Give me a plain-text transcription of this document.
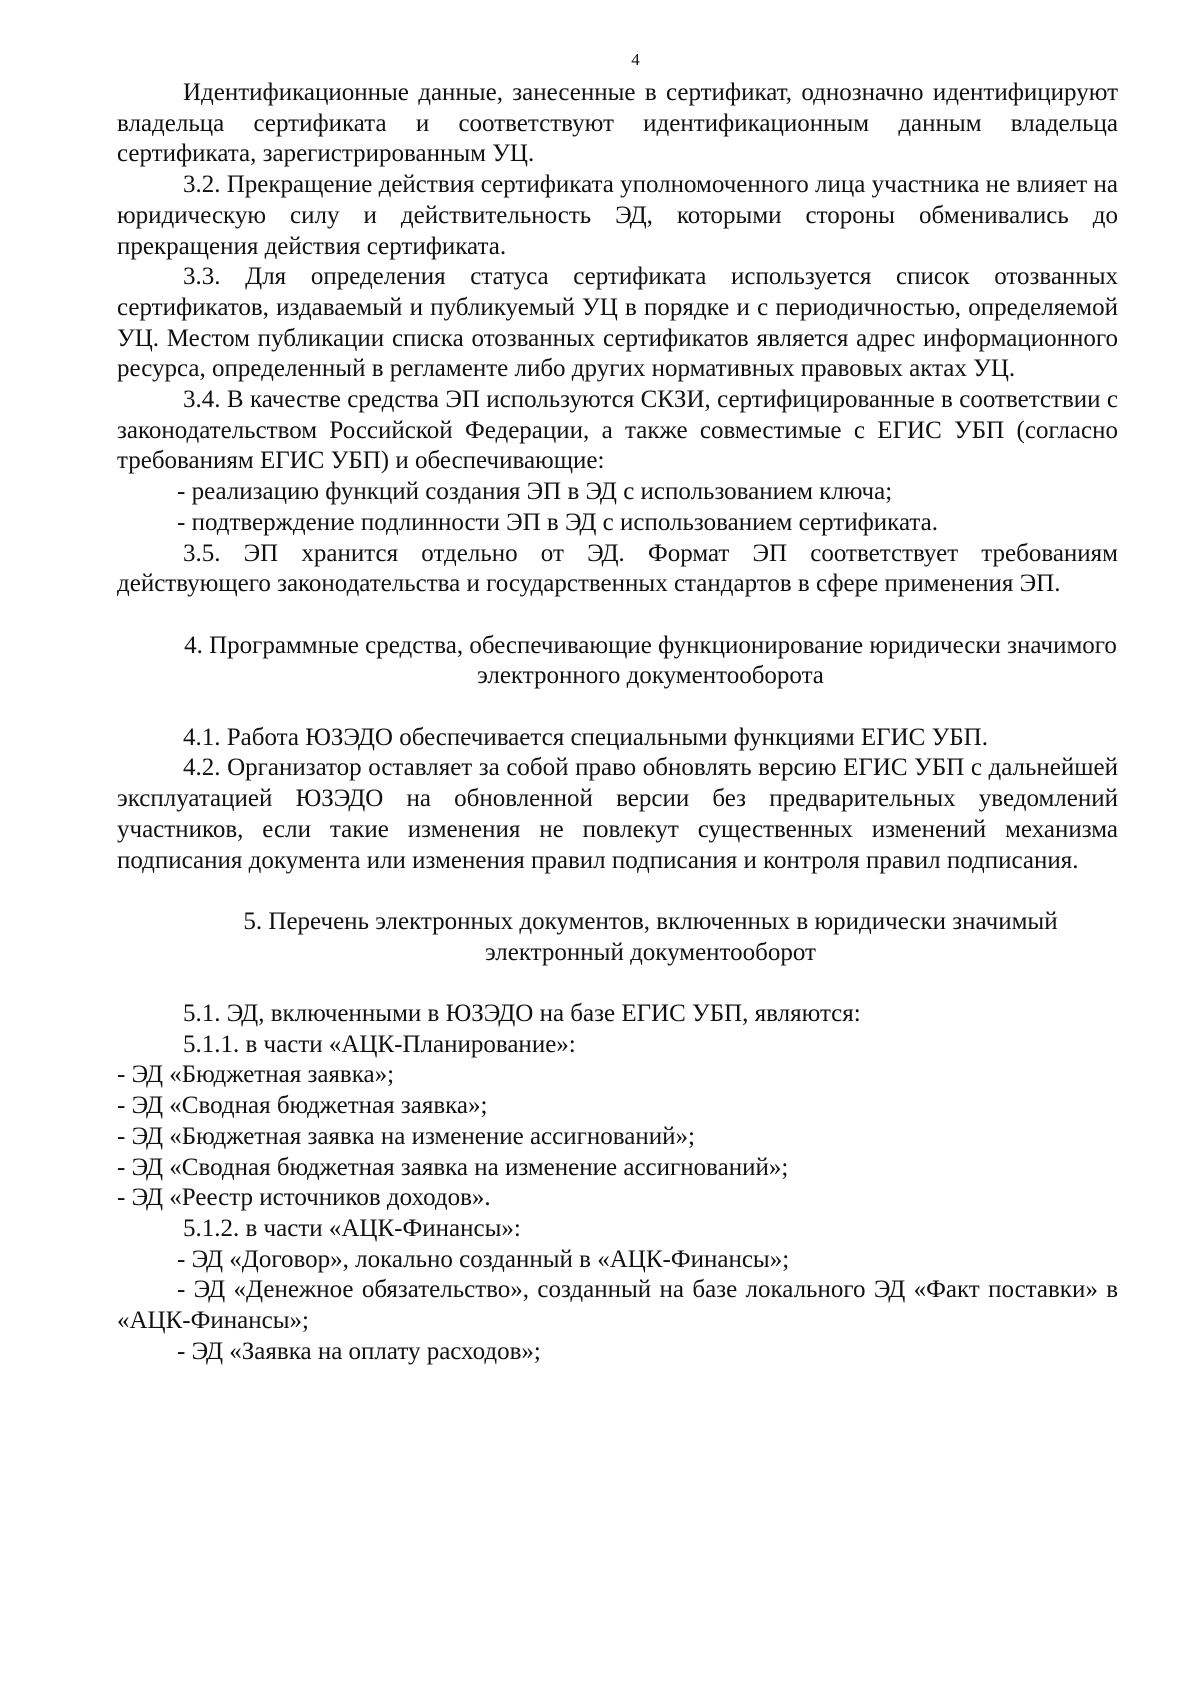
4

Идентификационные данные, занесенные в сертификат, однозначно идентифицируют владельца сертификата и соответствуют идентификационным данным владельца сертификата, зарегистрированным УЦ.

3.2. Прекращение действия сертификата уполномоченного лица участника не влияет на юридическую силу и действительность ЭД, которыми стороны обменивались до прекращения действия сертификата.

3.3. Для определения статуса сертификата используется список отозванных сертификатов, издаваемый и публикуемый УЦ в порядке и с периодичностью, определяемой УЦ. Местом публикации списка отозванных сертификатов является адрес информационного ресурса, определенный в регламенте либо других нормативных правовых актах УЦ.

3.4. В качестве средства ЭП используются СКЗИ, сертифицированные в соответствии с законодательством Российской Федерации, а также совместимые с ЕГИС УБП (согласно требованиям ЕГИС УБП) и обеспечивающие:

- реализацию функций создания ЭП в ЭД с использованием ключа;

- подтверждение подлинности ЭП в ЭД с использованием сертификата.

3.5. ЭП хранится отдельно от ЭД. Формат ЭП соответствует требованиям действующего законодательства и государственных стандартов в сфере применения ЭП.

4. Программные средства, обеспечивающие функционирование юридически значимого электронного документооборота

4.1. Работа ЮЗЭДО обеспечивается специальными функциями ЕГИС УБП.

4.2. Организатор оставляет за собой право обновлять версию ЕГИС УБП с дальнейшей эксплуатацией ЮЗЭДО на обновленной версии без предварительных уведомлений участников, если такие изменения не повлекут существенных изменений механизма подписания документа или изменения правил подписания и контроля правил подписания.

5. Перечень электронных документов, включенных в юридически значимый электронный документооборот

5.1. ЭД, включенными в ЮЗЭДО на базе ЕГИС УБП, являются:

5.1.1. в части «АЦК-Планирование»:

- ЭД «Бюджетная заявка»;

- ЭД «Сводная бюджетная заявка»;

- ЭД «Бюджетная заявка на изменение ассигнований»;

- ЭД «Сводная бюджетная заявка на изменение ассигнований»;

- ЭД «Реестр источников доходов».

5.1.2. в части «АЦК-Финансы»:

- ЭД «Договор», локально созданный в «АЦК-Финансы»;

- ЭД «Денежное обязательство», созданный на базе локального ЭД «Факт поставки» в «АЦК-Финансы»;

- ЭД «Заявка на оплату расходов»;
